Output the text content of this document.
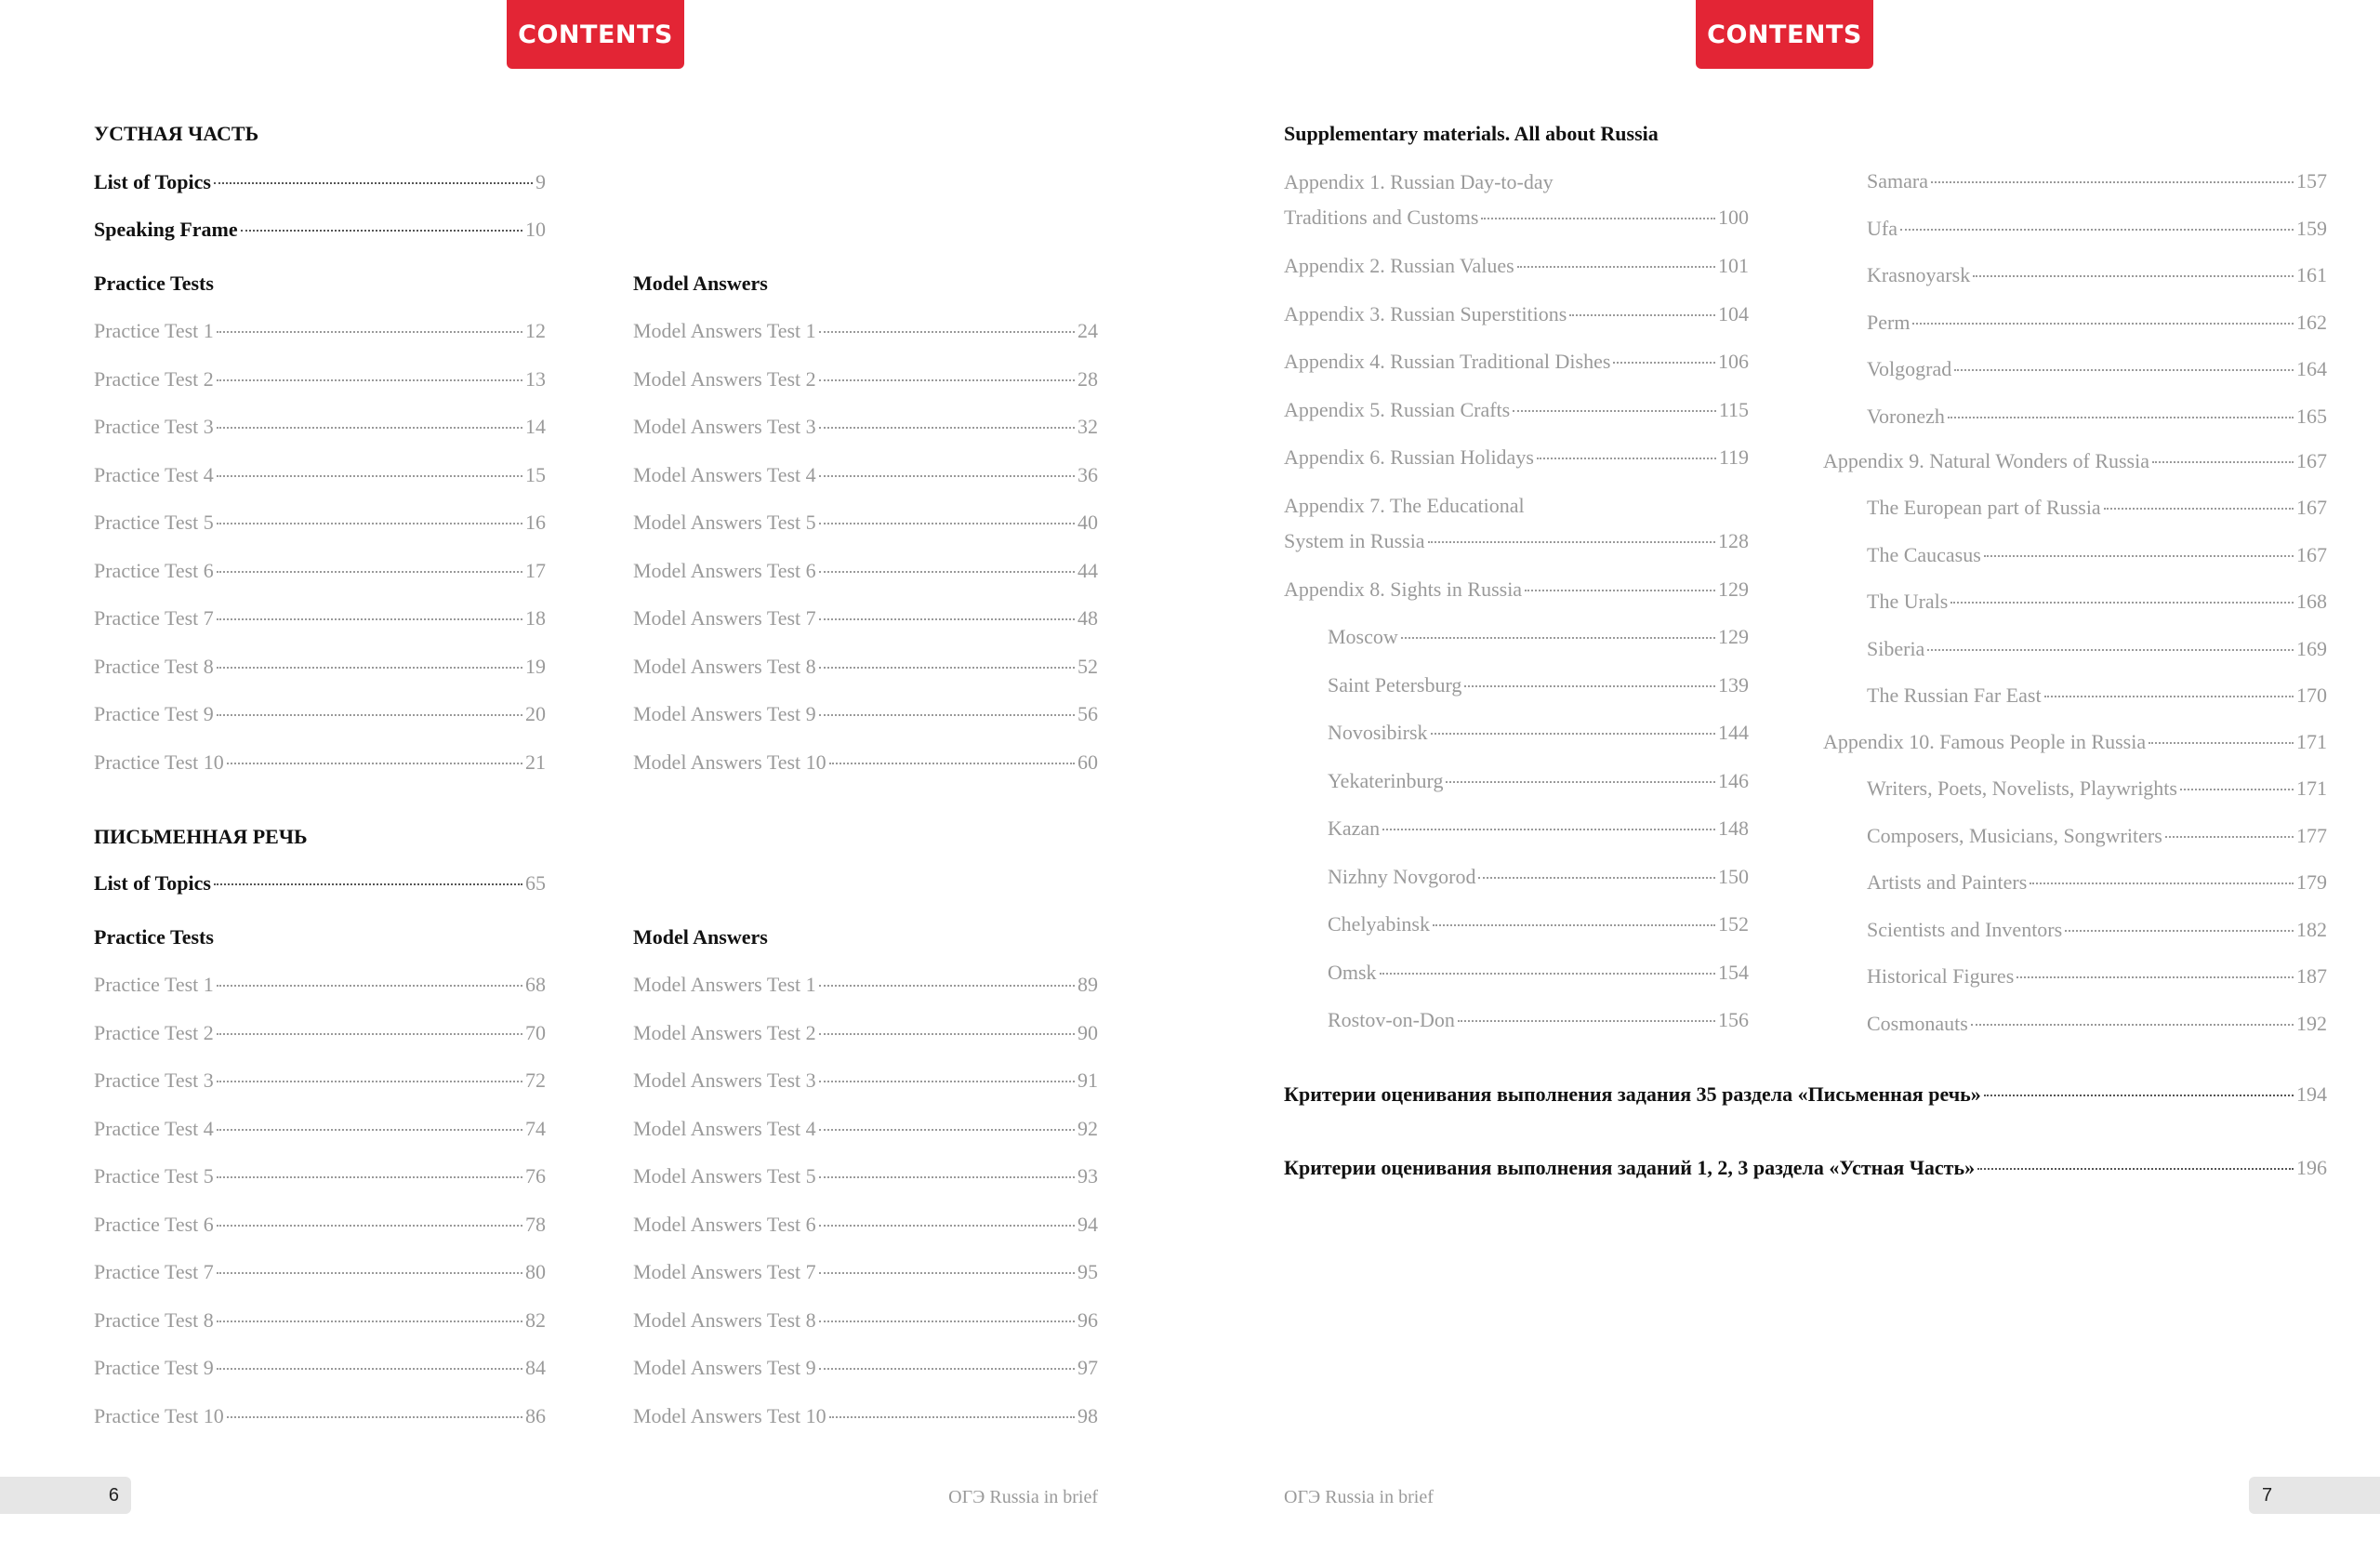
CONTENTS
УСТНАЯ ЧАСТЬ
List of Topics	9
Speaking Frame	10
Practice Tests	Model Answers
Practice Test 1	12
Practice Test 2	13
Practice Test 3	14
Practice Test 4	15
Practice Test 5	16
Practice Test 6	17
Practice Test 7	18
Practice Test 8	19
Practice Test 9	20
Practice Test 10	21
Model Answers Test 1	24
Model Answers Test 2	28
Model Answers Test 3	32
Model Answers Test 4	36
Model Answers Test 5	40
Model Answers Test 6	44
Model Answers Test 7	48
Model Answers Test 8	52
Model Answers Test 9	56
Model Answers Test 10	60
ПИСЬМЕННАЯ РЕЧЬ
List of Topics	65
Practice Tests	Model Answers
Practice Test 1	68
Practice Test 2	70
Practice Test 3	72
Practice Test 4	74
Practice Test 5	76
Practice Test 6	78
Practice Test 7	80
Practice Test 8	82
Practice Test 9	84
Practice Test 10	86
Model Answers Test 1	89
Model Answers Test 2	90
Model Answers Test 3	91
Model Answers Test 4	92
Model Answers Test 5	93
Model Answers Test 6	94
Model Answers Test 7	95
Model Answers Test 8	96
Model Answers Test 9	97
Model Answers Test 10	98
6	ОГЭ Russia in brief
CONTENTS
Supplementary materials. All about Russia
Appendix 1. Russian Day-to-day
Traditions and Customs	100
Appendix 2. Russian Values	101
Appendix 3. Russian Superstitions	104
Appendix 4. Russian Traditional Dishes	106
Appendix 5. Russian Crafts	115
Appendix 6. Russian Holidays	119
Appendix 7. The Educational
System in Russia	128
Appendix 8. Sights in Russia	129
Moscow	129
Saint Petersburg	139
Novosibirsk	144
Yekaterinburg	146
Kazan	148
Nizhny Novgorod	150
Chelyabinsk	152
Omsk	154
Rostov-on-Don	156
Samara	157
Ufa	159
Krasnoyarsk	161
Perm	162
Volgograd	164
Voronezh	165
Appendix 9. Natural Wonders of Russia	167
The European part of Russia	167
The Caucasus	167
The Urals	168
Siberia	169
The Russian Far East	170
Appendix 10. Famous People in Russia	171
Writers, Poets, Novelists, Playwrights	171
Composers, Musicians, Songwriters	177
Artists and Painters	179
Scientists and Inventors	182
Historical Figures	187
Cosmonauts	192
Критерии оценивания выполнения задания 35 раздела «Письменная речь»	194
Критерии оценивания выполнения заданий 1, 2, 3 раздела «Устная Часть»	196
ОГЭ Russia in brief	7
